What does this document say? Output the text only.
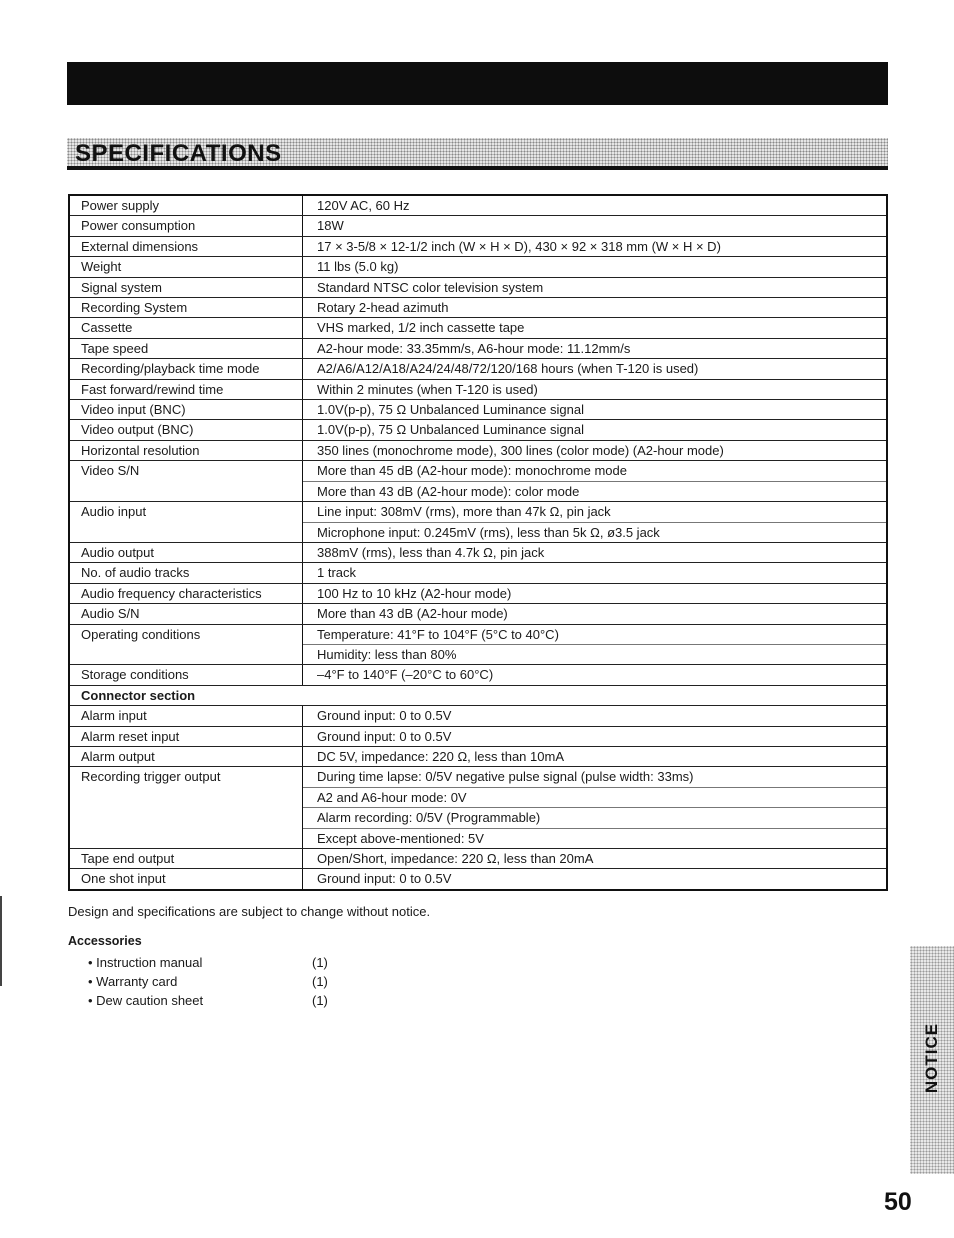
SPECIFICATIONS
Power supply	120V AC, 60 Hz
Power consumption	18W
External dimensions	17 × 3-5/8 × 12-1/2 inch (W × H × D), 430 × 92 × 318 mm (W × H × D)
Weight	11 lbs (5.0 kg)
Signal system	Standard NTSC color television system
Recording System	Rotary 2-head azimuth
Cassette	VHS marked, 1/2 inch cassette tape
Tape speed	A2-hour mode: 33.35mm/s, A6-hour mode: 11.12mm/s
Recording/playback time mode	A2/A6/A12/A18/A24/24/48/72/120/168 hours (when T-120 is used)
Fast forward/rewind time	Within 2 minutes (when T-120 is used)
Video input (BNC)	1.0V(p-p), 75 Ω Unbalanced Luminance signal
Video output (BNC)	1.0V(p-p), 75 Ω Unbalanced Luminance signal
Horizontal resolution	350 lines (monochrome mode), 300 lines (color mode) (A2-hour mode)
Video S/N	More than 45 dB (A2-hour mode): monochrome mode
	More than 43 dB (A2-hour mode): color mode
Audio input	Line input: 308mV (rms), more than 47k Ω, pin jack
	Microphone input: 0.245mV (rms), less than 5k Ω, ø3.5 jack
Audio output	388mV (rms), less than 4.7k Ω, pin jack
No. of audio tracks	1 track
Audio frequency characteristics	100 Hz to 10 kHz (A2-hour mode)
Audio S/N	More than 43 dB (A2-hour mode)
Operating conditions	Temperature: 41°F to 104°F (5°C to 40°C)
	Humidity: less than 80%
Storage conditions	–4°F to 140°F (–20°C to 60°C)
Connector section	
Alarm input	Ground input: 0 to 0.5V
Alarm reset input	Ground input: 0 to 0.5V
Alarm output	DC 5V, impedance: 220 Ω, less than 10mA
Recording trigger output	During time lapse: 0/5V negative pulse signal (pulse width: 33ms)
	A2 and A6-hour mode: 0V
	Alarm recording: 0/5V (Programmable)
	Except above-mentioned: 5V
Tape end output	Open/Short, impedance: 220 Ω, less than 20mA
One shot input	Ground input: 0 to 0.5V
Design and specifications are subject to change without notice.
Accessories
• Instruction manual	(1)
• Warranty card	(1)
• Dew caution sheet	(1)
NOTICE
50
